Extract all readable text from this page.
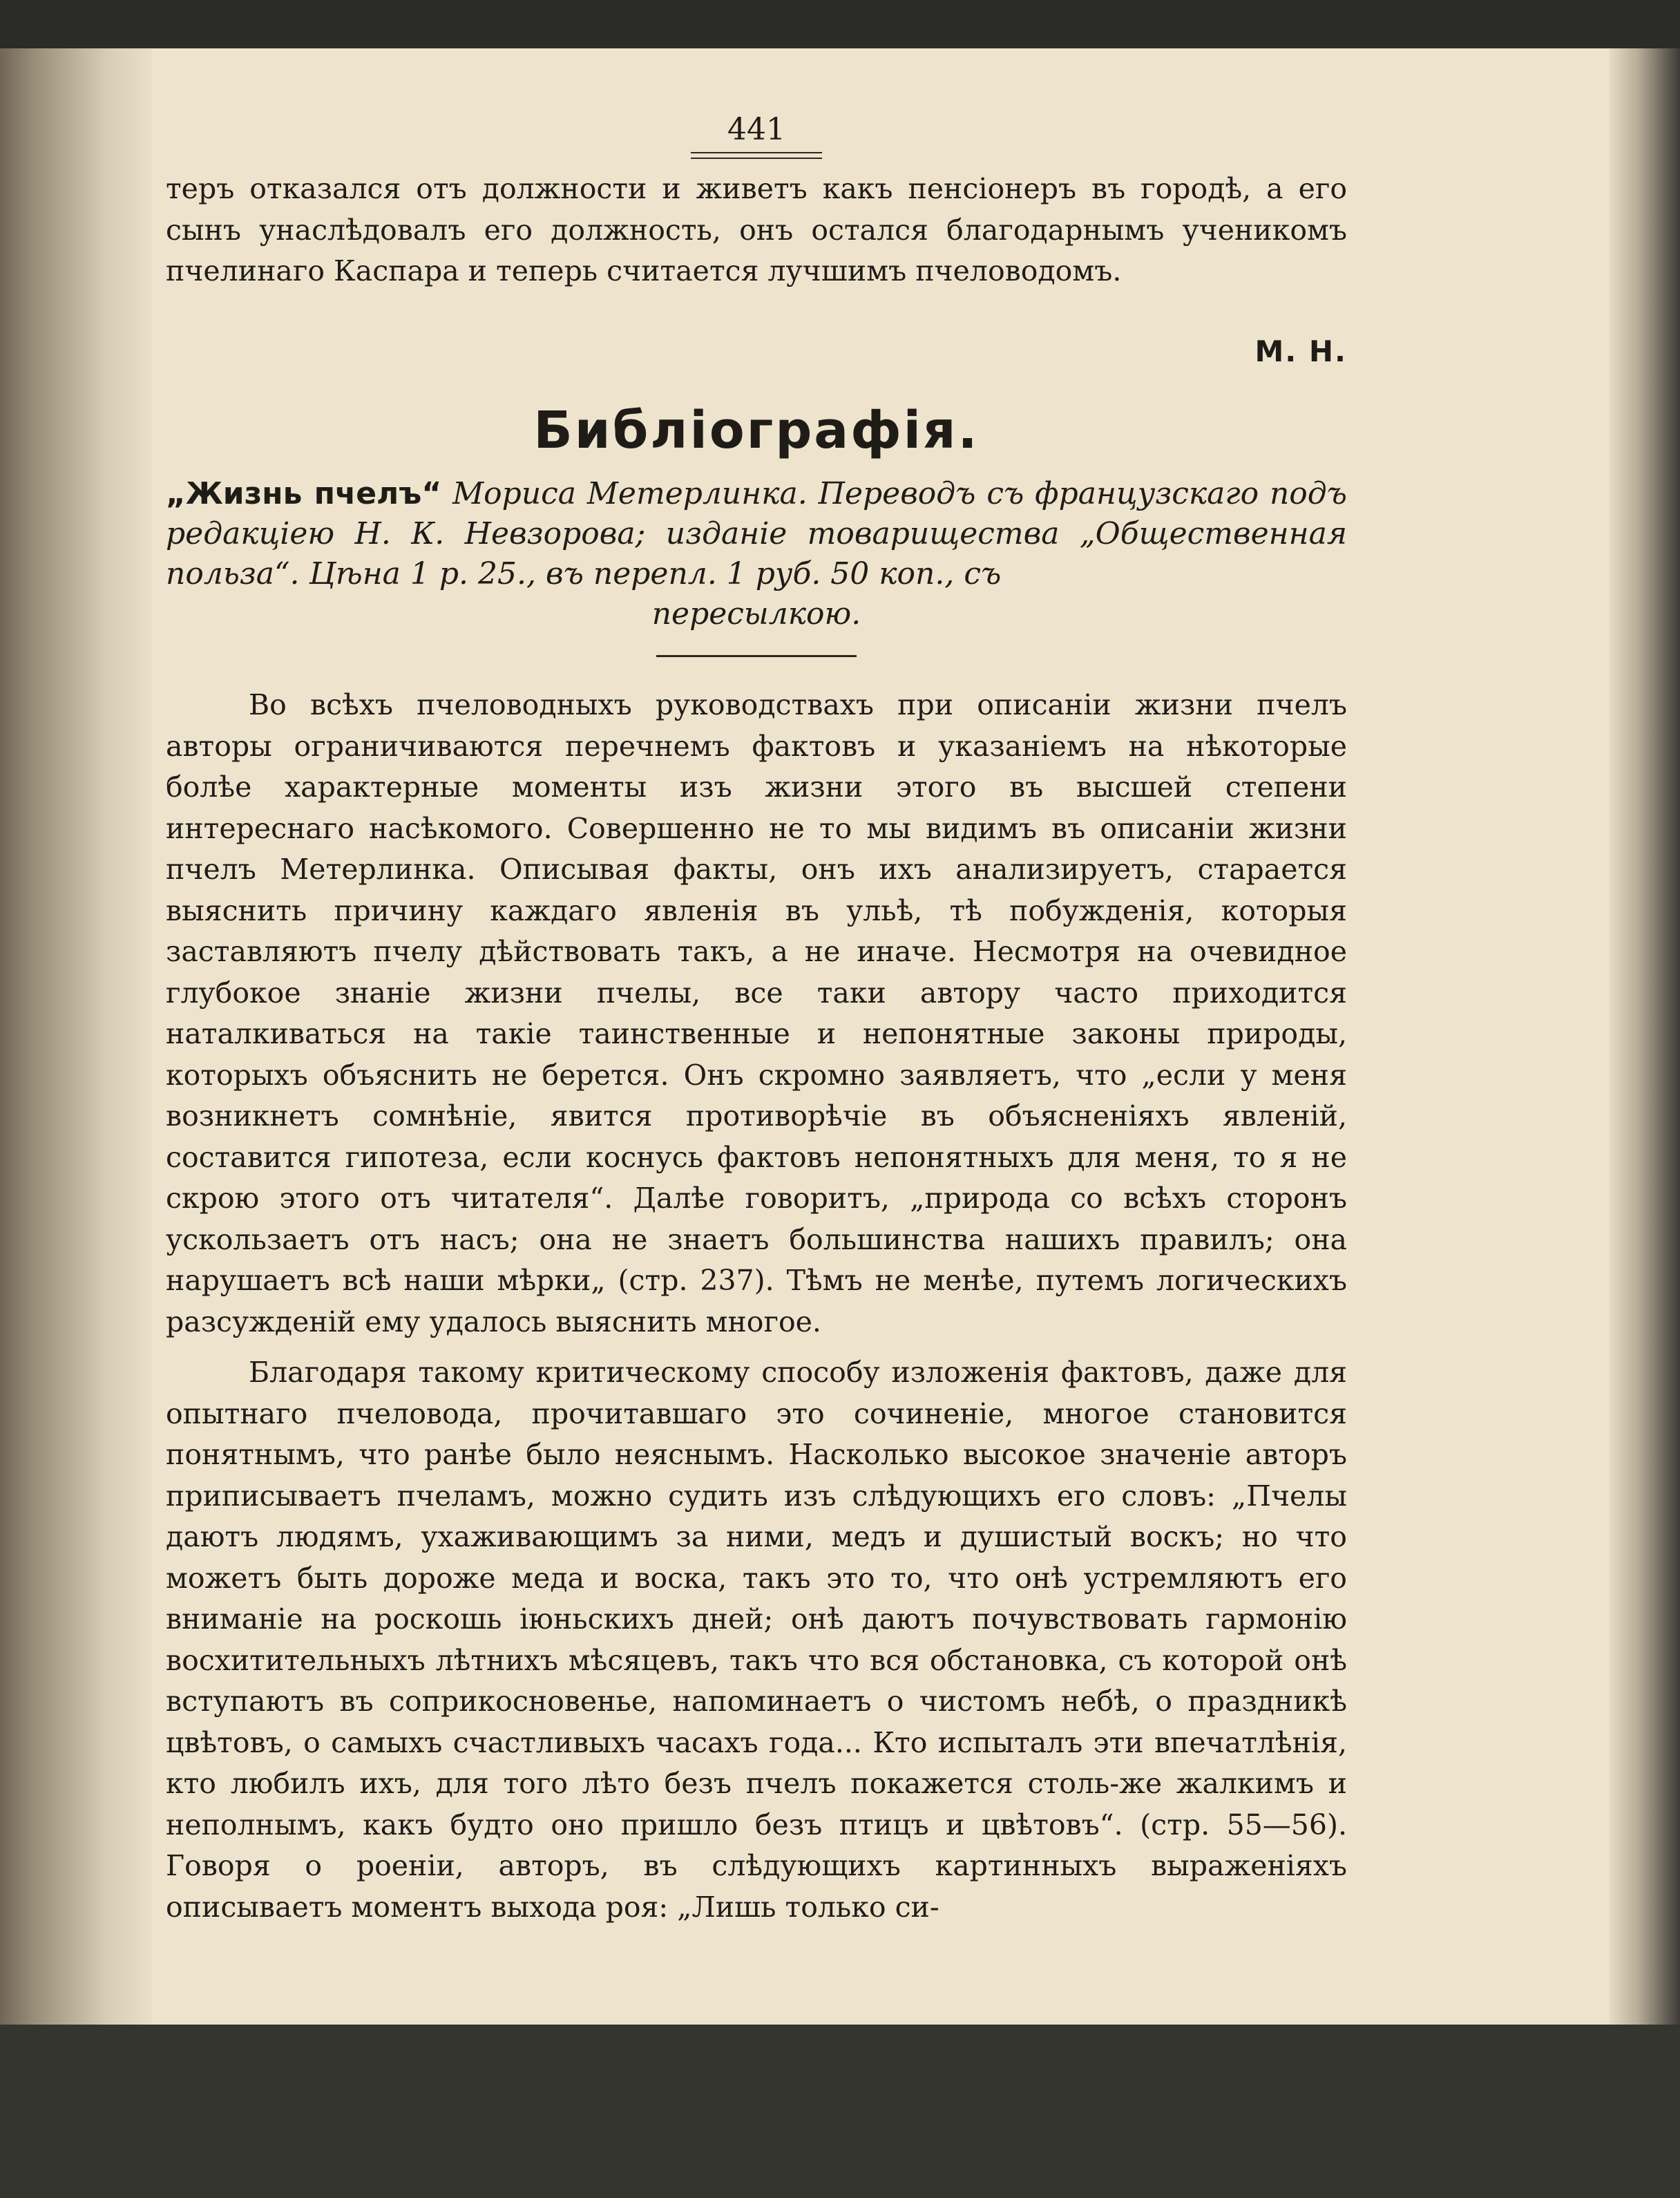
441

теръ отказался отъ должности и живетъ какъ пенсіонеръ въ городѣ, а его сынъ унаслѣдовалъ его должность, онъ остался благодарнымъ ученикомъ пчелинаго Каспара и теперь считается лучшимъ пчеловодомъ.

М. Н.

Библіографія.

„Жизнь пчелъ“ Мориса Метерлинка. Переводъ съ французскаго подъ редакціею Н. К. Невзорова; изданіе товарищества „Общественная польза“. Цѣна 1 р. 25., въ перепл. 1 руб. 50 коп., съ
пересылкою.

Во всѣхъ пчеловодныхъ руководствахъ при описаніи жизни пчелъ авторы ограничиваются перечнемъ фактовъ и указаніемъ на нѣкоторые болѣе характерные моменты изъ жизни этого въ высшей степени интереснаго насѣкомого. Совершенно не то мы видимъ въ описаніи жизни пчелъ Метерлинка. Описывая факты, онъ ихъ анализируетъ, старается выяснить причину каждаго явленія въ ульѣ, тѣ побужденія, которыя заставляютъ пчелу дѣйствовать такъ, а не иначе. Несмотря на очевидное глубокое знаніе жизни пчелы, все таки автору часто приходится наталкиваться на такіе таинственные и непонятные законы природы, которыхъ объяснить не берется. Онъ скромно заявляетъ, что „если у меня возникнетъ сомнѣніе, явится противорѣчіе въ объясненіяхъ явленій, составится гипотеза, если коснусь фактовъ непонятныхъ для меня, то я не скрою этого отъ читателя“. Далѣе говоритъ, „природа со всѣхъ сторонъ ускользаетъ отъ насъ; она не знаетъ большинства нашихъ правилъ; она нарушаетъ всѣ наши мѣрки„ (стр. 237). Тѣмъ не менѣе, путемъ логическихъ разсужденій ему удалось выяснить многое.

Благодаря такому критическому способу изложенія фактовъ, даже для опытнаго пчеловода, прочитавшаго это сочиненіе, многое становится понятнымъ, что ранѣе было неяснымъ. Насколько высокое значеніе авторъ приписываетъ пчеламъ, можно судить изъ слѣдующихъ его словъ: „Пчелы даютъ людямъ, ухаживающимъ за ними, медъ и душистый воскъ; но что можетъ быть дороже меда и воска, такъ это то, что онѣ устремляютъ его вниманіе на роскошь іюньскихъ дней; онѣ даютъ почувствовать гармонію восхитительныхъ лѣтнихъ мѣсяцевъ, такъ что вся обстановка, съ которой онѣ вступаютъ въ соприкосновенье, напоминаетъ о чистомъ небѣ, о праздникѣ цвѣтовъ, о самыхъ счастливыхъ часахъ года... Кто испыталъ эти впечатлѣнія, кто любилъ ихъ, для того лѣто безъ пчелъ покажется столь-же жалкимъ и неполнымъ, какъ будто оно пришло безъ птицъ и цвѣтовъ“. (стр. 55—56). Говоря о роеніи, авторъ, въ слѣдующихъ картинныхъ выраженіяхъ описываетъ моментъ выхода роя: „Лишь только си-
